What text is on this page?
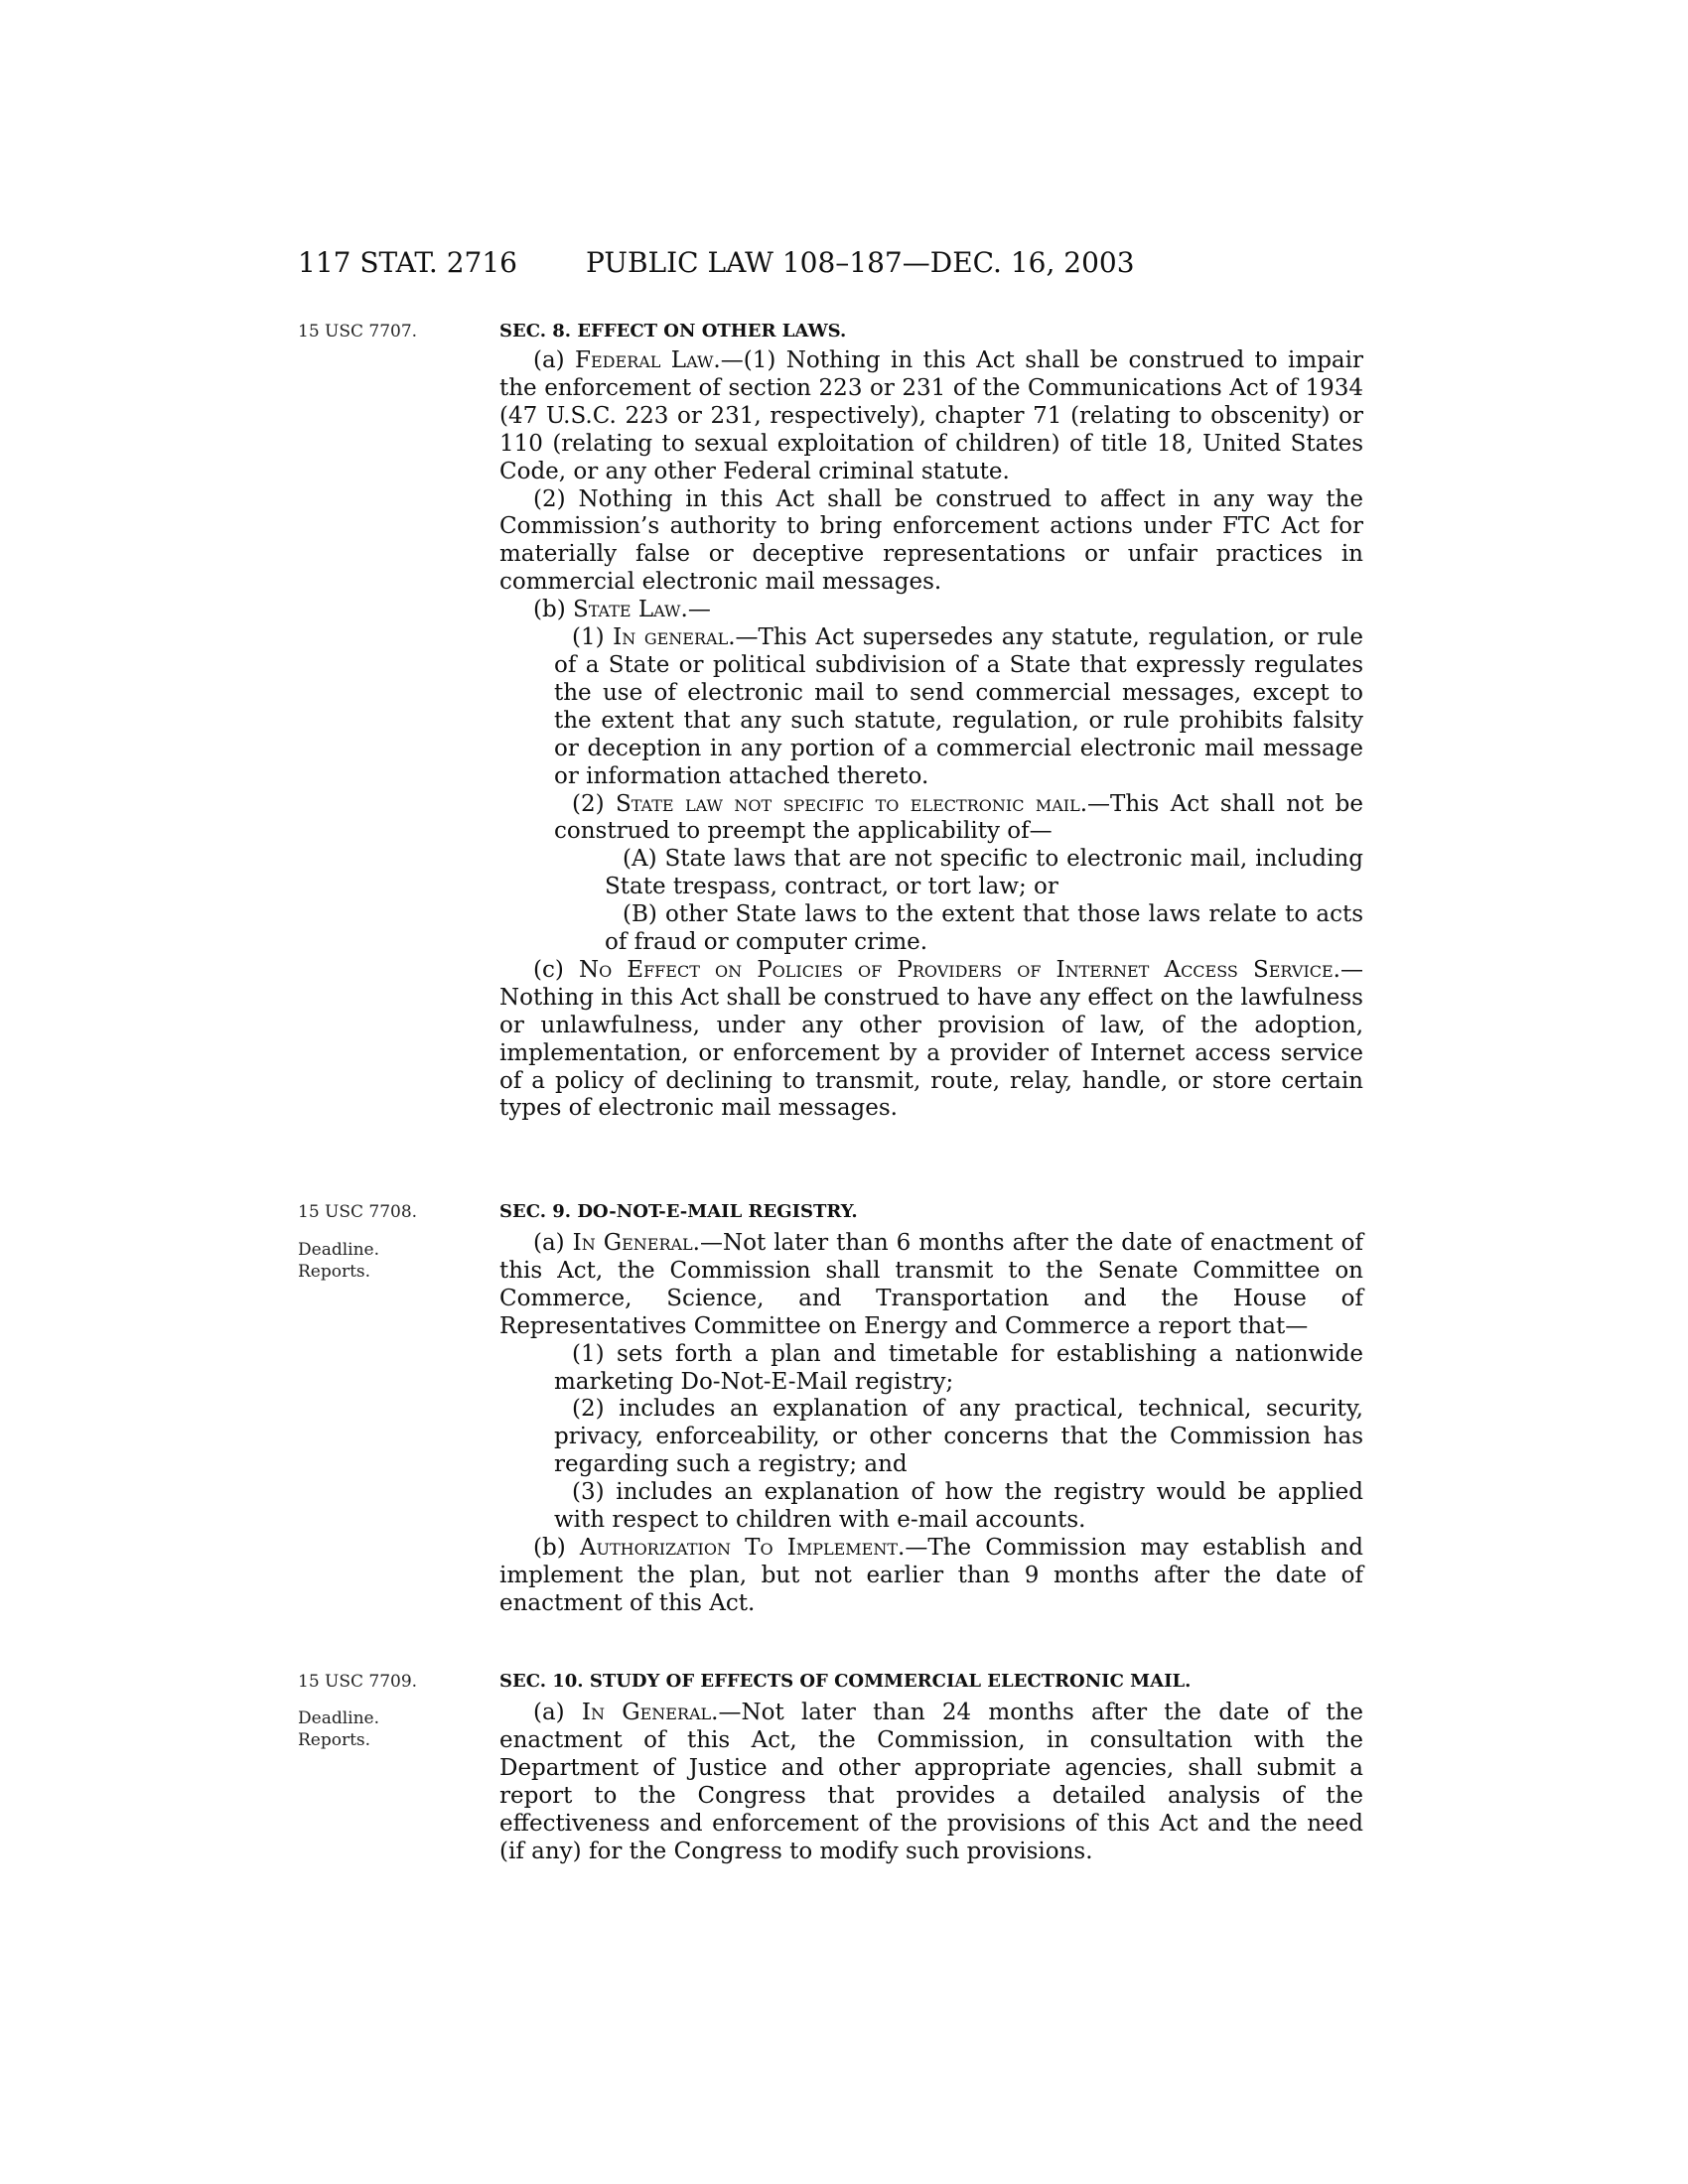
117 STAT. 2716 PUBLIC LAW 108–187—DEC. 16, 2003
15 USC 7707.	SEC. 8. EFFECT ON OTHER LAWS.

(a) Federal Law.—(1) Nothing in this Act shall be construed to impair the enforcement of section 223 or 231 of the Communications Act of 1934 (47 U.S.C. 223 or 231, respectively), chapter 71 (relating to obscenity) or 110 (relating to sexual exploitation of children) of title 18, United States Code, or any other Federal criminal statute.

(2) Nothing in this Act shall be construed to affect in any way the Commission’s authority to bring enforcement actions under FTC Act for materially false or deceptive representations or unfair practices in commercial electronic mail messages.

(b) State Law.—

(1) In general.—This Act supersedes any statute, regulation, or rule of a State or political subdivision of a State that expressly regulates the use of electronic mail to send commercial messages, except to the extent that any such statute, regulation, or rule prohibits falsity or deception in any portion of a commercial electronic mail message or information attached thereto.

(2) State law not specific to electronic mail.—This Act shall not be construed to preempt the applicability of—

(A) State laws that are not specific to electronic mail, including State trespass, contract, or tort law; or

(B) other State laws to the extent that those laws relate to acts of fraud or computer crime.

(c) No Effect on Policies of Providers of Internet Access Service.—Nothing in this Act shall be construed to have any effect on the lawfulness or unlawfulness, under any other provision of law, of the adoption, implementation, or enforcement by a provider of Internet access service of a policy of declining to transmit, route, relay, handle, or store certain types of electronic mail messages.

15 USC 7708.	SEC. 9. DO-NOT-E-MAIL REGISTRY.
Deadline.
Reports.

(a) In General.—Not later than 6 months after the date of enactment of this Act, the Commission shall transmit to the Senate Committee on Commerce, Science, and Transportation and the House of Representatives Committee on Energy and Commerce a report that—

(1) sets forth a plan and timetable for establishing a nationwide marketing Do-Not-E-Mail registry;

(2) includes an explanation of any practical, technical, security, privacy, enforceability, or other concerns that the Commission has regarding such a registry; and

(3) includes an explanation of how the registry would be applied with respect to children with e-mail accounts.

(b) Authorization To Implement.—The Commission may establish and implement the plan, but not earlier than 9 months after the date of enactment of this Act.

15 USC 7709.	SEC. 10. STUDY OF EFFECTS OF COMMERCIAL ELECTRONIC MAIL.
Deadline.
Reports.

(a) In General.—Not later than 24 months after the date of the enactment of this Act, the Commission, in consultation with the Department of Justice and other appropriate agencies, shall submit a report to the Congress that provides a detailed analysis of the effectiveness and enforcement of the provisions of this Act and the need (if any) for the Congress to modify such provisions.
